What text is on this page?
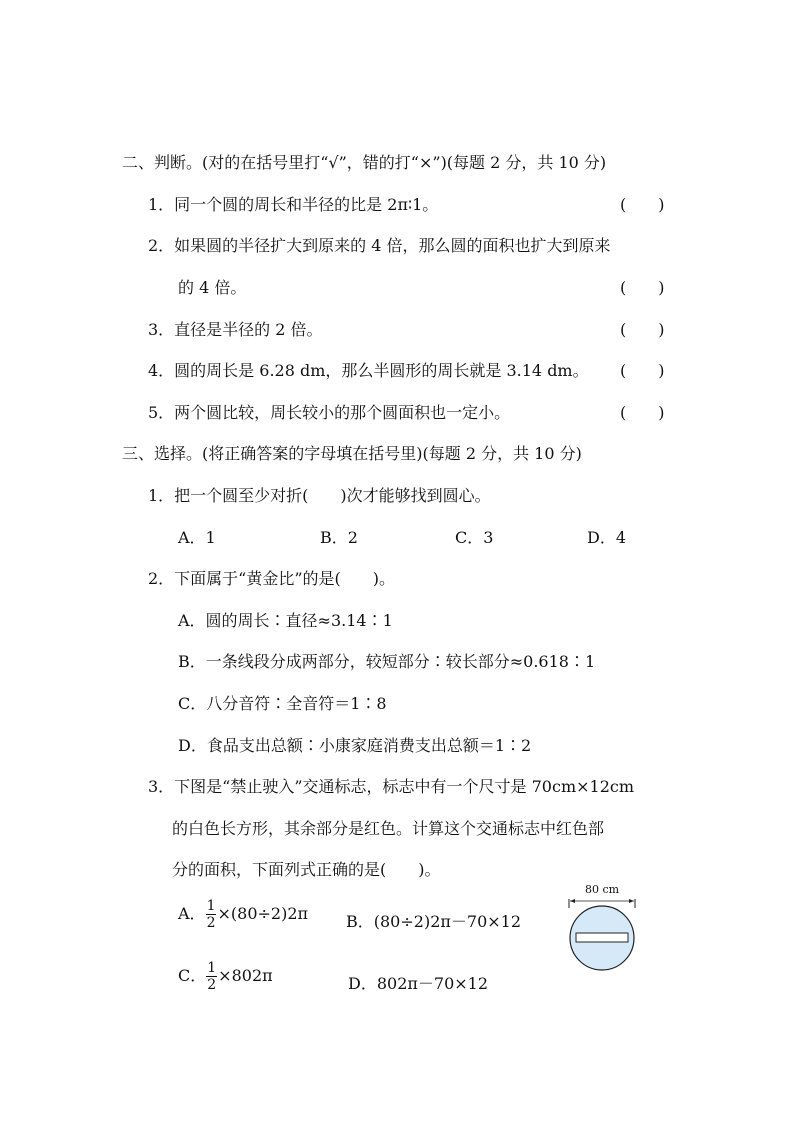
二、判断。(对的在括号里打“√”，错的打“×”)(每题 2 分，共 10 分)
1．同一个圆的周长和半径的比是 2π∶1。	(　　)
2．如果圆的半径扩大到原来的 4 倍，那么圆的面积也扩大到原来
的 4 倍。	(　　)
3．直径是半径的 2 倍。	(　　)
4．圆的周长是 6.28 dm，那么半圆形的周长就是 3.14 dm。 (　　)
5．两个圆比较，周长较小的那个圆面积也一定小。	(　　)
三、选择。(将正确答案的字母填在括号里)(每题 2 分，共 10 分)
1．把一个圆至少对折(　　)次才能够找到圆心。
A．1	B．2	C．3	D．4
2．下面属于“黄金比”的是(　　)。
A．圆的周长∶直径≈3.14∶1
B．一条线段分成两部分，较短部分∶较长部分≈0.618∶1
C．八分音符∶全音符＝1∶8
D．食品支出总额∶小康家庭消费支出总额＝1∶2
3．下图是“禁止驶入”交通标志，标志中有一个尺寸是 70cm×12cm
的白色长方形，其余部分是红色。计算这个交通标志中红色部
分的面积，下面列式正确的是(　　)。
A． $\frac{1}{2} \times(80\div 2)2\pi$ B．(80÷2)2π－70×12
C． $\frac{1}{2} \times 802\pi$	D．802π－70×12
80 cm
